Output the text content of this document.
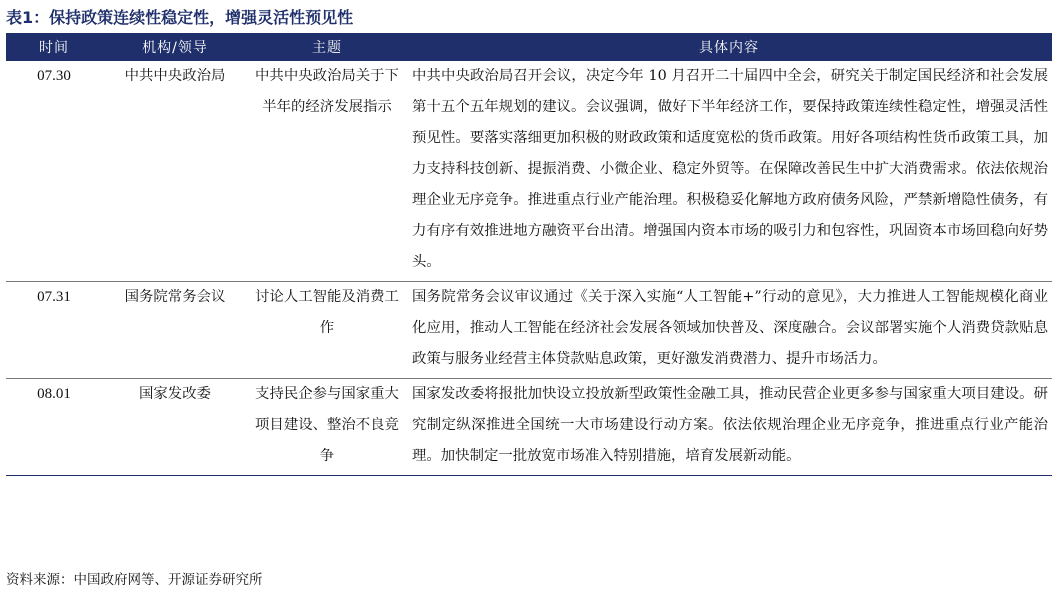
表1：保持政策连续性稳定性，增强灵活性预见性
时间	机构/领导	主题	具体内容
07.30	中共中央政治局	中共中央政治局关于下半年的经济发展指示	中共中央政治局召开会议，决定今年 10 月召开二十届四中全会，研究关于制定国民经济和社会发展第十五个五年规划的建议。会议强调，做好下半年经济工作，要保持政策连续性稳定性，增强灵活性预见性。要落实落细更加积极的财政政策和适度宽松的货币政策。用好各项结构性货币政策工具，加力支持科技创新、提振消费、小微企业、稳定外贸等。在保障改善民生中扩大消费需求。依法依规治理企业无序竞争。推进重点行业产能治理。积极稳妥化解地方政府债务风险，严禁新增隐性债务，有力有序有效推进地方融资平台出清。增强国内资本市场的吸引力和包容性，巩固资本市场回稳向好势头。
07.31	国务院常务会议	讨论人工智能及消费工作	国务院常务会议审议通过《关于深入实施“人工智能+”行动的意见》，大力推进人工智能规模化商业化应用，推动人工智能在经济社会发展各领域加快普及、深度融合。会议部署实施个人消费贷款贴息政策与服务业经营主体贷款贴息政策，更好激发消费潜力、提升市场活力。
08.01	国家发改委	支持民企参与国家重大项目建设、整治不良竞争	国家发改委将报批加快设立投放新型政策性金融工具，推动民营企业更多参与国家重大项目建设。研究制定纵深推进全国统一大市场建设行动方案。依法依规治理企业无序竞争，推进重点行业产能治理。加快制定一批放宽市场准入特别措施，培育发展新动能。
资料来源：中国政府网等、开源证券研究所
